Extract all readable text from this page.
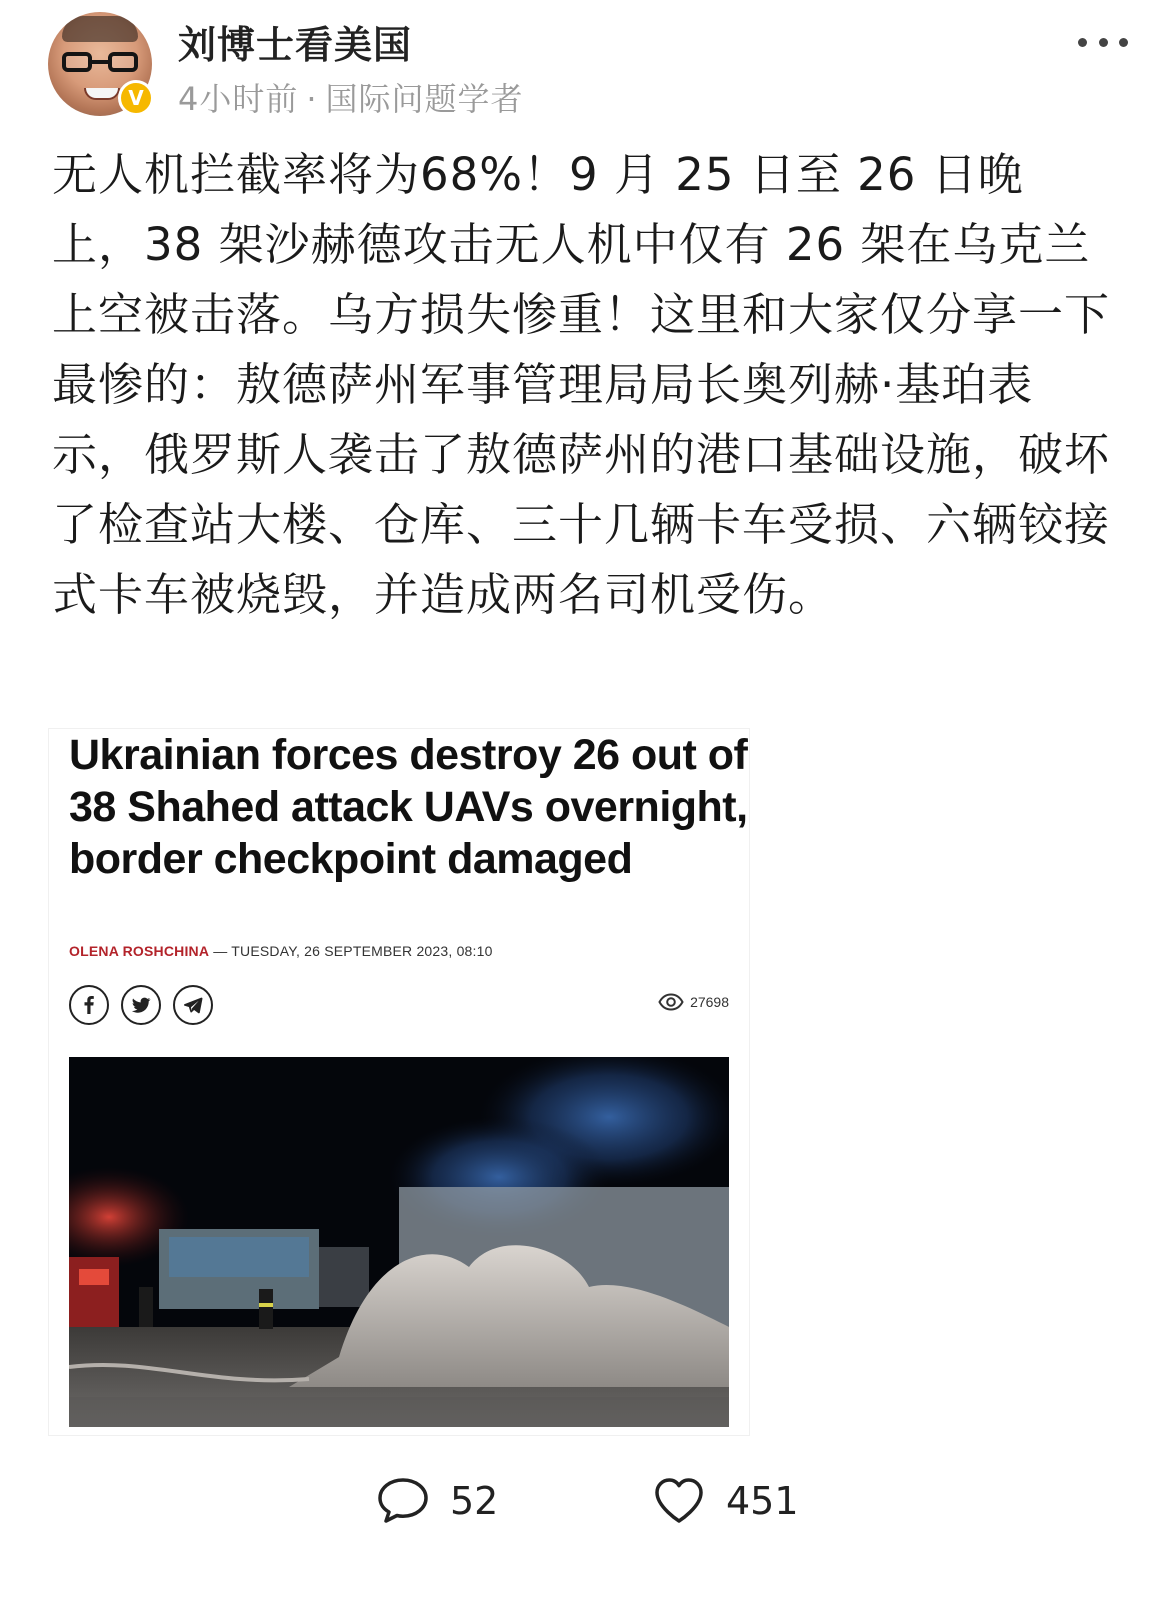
V
刘博士看美国
4小时前 · 国际问题学者

无人机拦截率将为68%！9 月 25 日至 26 日晚上，38 架沙赫德攻击无人机中仅有 26 架在乌克兰上空被击落。乌方损失惨重！这里和大家仅分享一下最惨的：敖德萨州军事管理局局长奥列赫·基珀表示，俄罗斯人袭击了敖德萨州的港口基础设施，破坏了检查站大楼、仓库、三十几辆卡车受损、六辆铰接式卡车被烧毁，并造成两名司机受伤。

Ukrainian forces destroy 26 out of 38 Shahed attack UAVs overnight, border checkpoint damaged
OLENA ROSHCHINA — TUESDAY, 26 SEPTEMBER 2023, 08:10
27698
52	451
